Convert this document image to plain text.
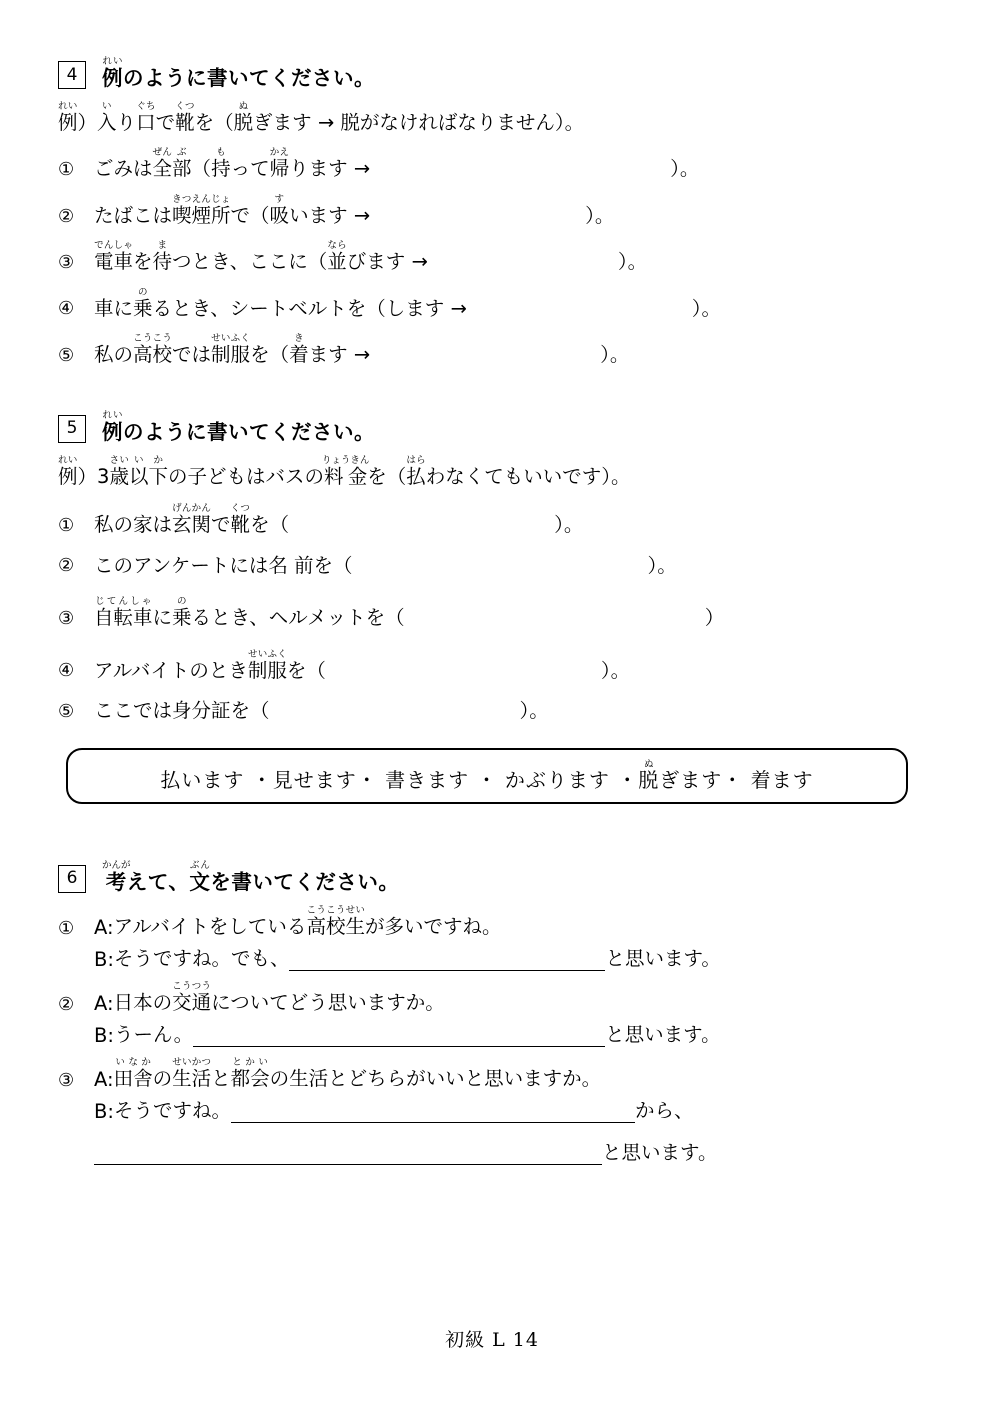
4	例れいのように書いてください。
例れい）入いり口ぐちで靴くつを（脱ぬぎます → 脱がなければなりません）。
①	ごみは全ぜん部ぶ（持もって帰かえります →	）。
②	たばこは喫煙所きつえんじょで（吸すいます →	）。
③	電車でんしゃを待まつとき、ここに（並ならびます →	）。
④	車に乗のるとき、シートベルトを（します →	）。
⑤	私の高校こうこうでは制服せいふくを（着きます →	）。
5	例れいのように書いてください。
例れい）3歳さい以い下かの子どもはバスの料金りょうきんを（払はらわなくてもいいです）。
①	私の家は玄関げんかんで靴くつを（	）。
②	このアンケートには名 前を（	）。
③	自転車じてんしゃに乗のるとき、ヘルメットを（	）
④	アルバイトのとき制服せいふくを（	）。
⑤	ここでは身分証を（	）。
払います ・見せます・ 書きます ・ かぶります ・脱ぬぎます・ 着ます
6	考かんがえて、文ぶんを書いてください。
①	A: アルバイトをしている高校生こうこうせいが多いですね。
B: そうですね。でも、	と思います。
②	A: 日本の交通こうつうについてどう思いますか。
B: うーん。	と思います。
③	A: 田舎いなかの生活せいかつと都会とかいの生活とどちらがいいと思いますか。
B: そうですね。	から、
と思います。
初級 L 14
